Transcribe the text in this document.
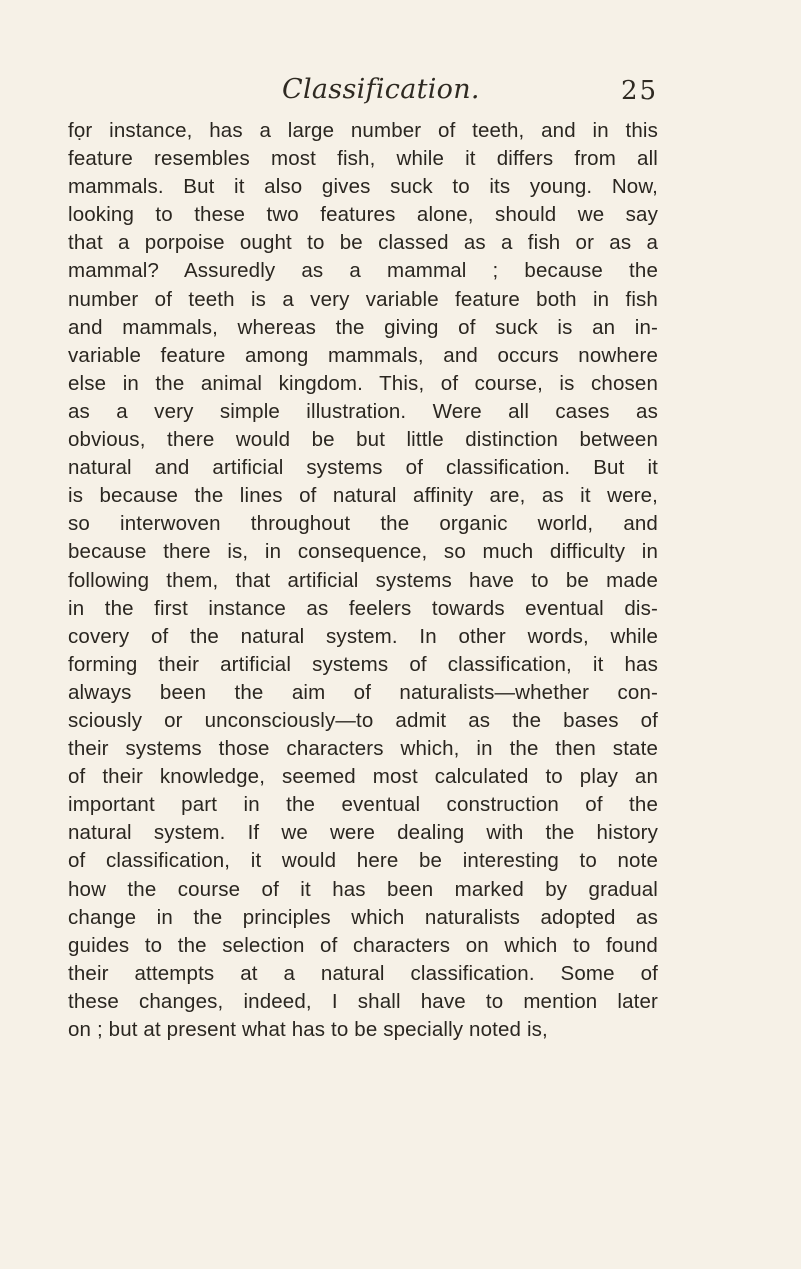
Classification.	25
fọr instance, has a large number of teeth, and in this
feature resembles most fish, while it differs from all
mammals. But it also gives suck to its young. Now,
looking to these two features alone, should we say
that a porpoise ought to be classed as a fish or as a
mammal? Assuredly as a mammal ; because the
number of teeth is a very variable feature both in fish
and mammals, whereas the giving of suck is an in-
variable feature among mammals, and occurs nowhere
else in the animal kingdom. This, of course, is chosen
as a very simple illustration. Were all cases as
obvious, there would be but little distinction between
natural and artificial systems of classification. But it
is because the lines of natural affinity are, as it were,
so interwoven throughout the organic world, and
because there is, in consequence, so much difficulty in
following them, that artificial systems have to be made
in the first instance as feelers towards eventual dis-
covery of the natural system. In other words, while
forming their artificial systems of classification, it has
always been the aim of naturalists—whether con-
sciously or unconsciously—to admit as the bases of
their systems those characters which, in the then state
of their knowledge, seemed most calculated to play an
important part in the eventual construction of the
natural system. If we were dealing with the history
of classification, it would here be interesting to note
how the course of it has been marked by gradual
change in the principles which naturalists adopted as
guides to the selection of characters on which to found
their attempts at a natural classification. Some of
these changes, indeed, I shall have to mention later
on ; but at present what has to be specially noted is,
